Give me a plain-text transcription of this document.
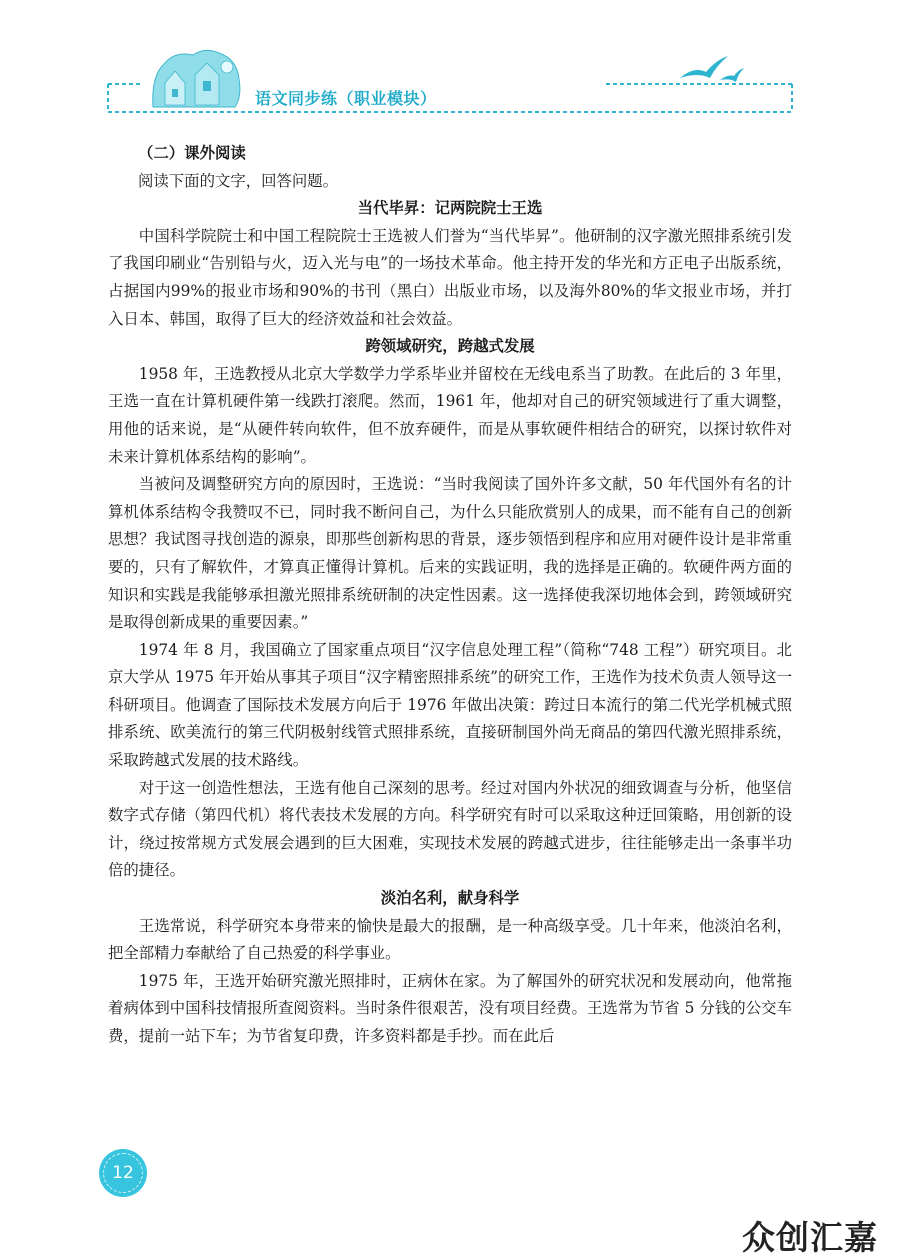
语文同步练（职业模块）
（二）课外阅读
阅读下面的文字，回答问题。
当代毕昇：记两院院士王选

中国科学院院士和中国工程院院士王选被人们誉为“当代毕昇”。他研制的汉字激光照排系统引发了我国印刷业“告别铅与火，迈入光与电”的一场技术革命。他主持开发的华光和方正电子出版系统，占据国内99%的报业市场和90%的书刊（黑白）出版业市场，以及海外80%的华文报业市场，并打入日本、韩国，取得了巨大的经济效益和社会效益。

跨领域研究，跨越式发展

1958 年，王选教授从北京大学数学力学系毕业并留校在无线电系当了助教。在此后的 3 年里，王选一直在计算机硬件第一线跌打滚爬。然而，1961 年，他却对自己的研究领域进行了重大调整，用他的话来说，是“从硬件转向软件，但不放弃硬件，而是从事软硬件相结合的研究，以探讨软件对未来计算机体系结构的影响”。

当被问及调整研究方向的原因时，王选说：“当时我阅读了国外许多文献，50 年代国外有名的计算机体系结构令我赞叹不已，同时我不断问自己，为什么只能欣赏别人的成果，而不能有自己的创新思想？我试图寻找创造的源泉，即那些创新构思的背景，逐步领悟到程序和应用对硬件设计是非常重要的，只有了解软件，才算真正懂得计算机。后来的实践证明，我的选择是正确的。软硬件两方面的知识和实践是我能够承担激光照排系统研制的决定性因素。这一选择使我深切地体会到，跨领域研究是取得创新成果的重要因素。”

1974 年 8 月，我国确立了国家重点项目“汉字信息处理工程”（简称“748 工程”）研究项目。北京大学从 1975 年开始从事其子项目“汉字精密照排系统”的研究工作，王选作为技术负责人领导这一科研项目。他调查了国际技术发展方向后于 1976 年做出决策：跨过日本流行的第二代光学机械式照排系统、欧美流行的第三代阴极射线管式照排系统，直接研制国外尚无商品的第四代激光照排系统，采取跨越式发展的技术路线。

对于这一创造性想法，王选有他自己深刻的思考。经过对国内外状况的细致调查与分析，他坚信数字式存储（第四代机）将代表技术发展的方向。科学研究有时可以采取这种迂回策略，用创新的设计，绕过按常规方式发展会遇到的巨大困难，实现技术发展的跨越式进步，往往能够走出一条事半功倍的捷径。

淡泊名利，献身科学

王选常说，科学研究本身带来的愉快是最大的报酬，是一种高级享受。几十年来，他淡泊名利，把全部精力奉献给了自己热爱的科学事业。

1975 年，王选开始研究激光照排时，正病休在家。为了解国外的研究状况和发展动向，他常拖着病体到中国科技情报所查阅资料。当时条件很艰苦，没有项目经费。王选常为节省 5 分钱的公交车费，提前一站下车；为节省复印费，许多资料都是手抄。而在此后

12
众创汇嘉
